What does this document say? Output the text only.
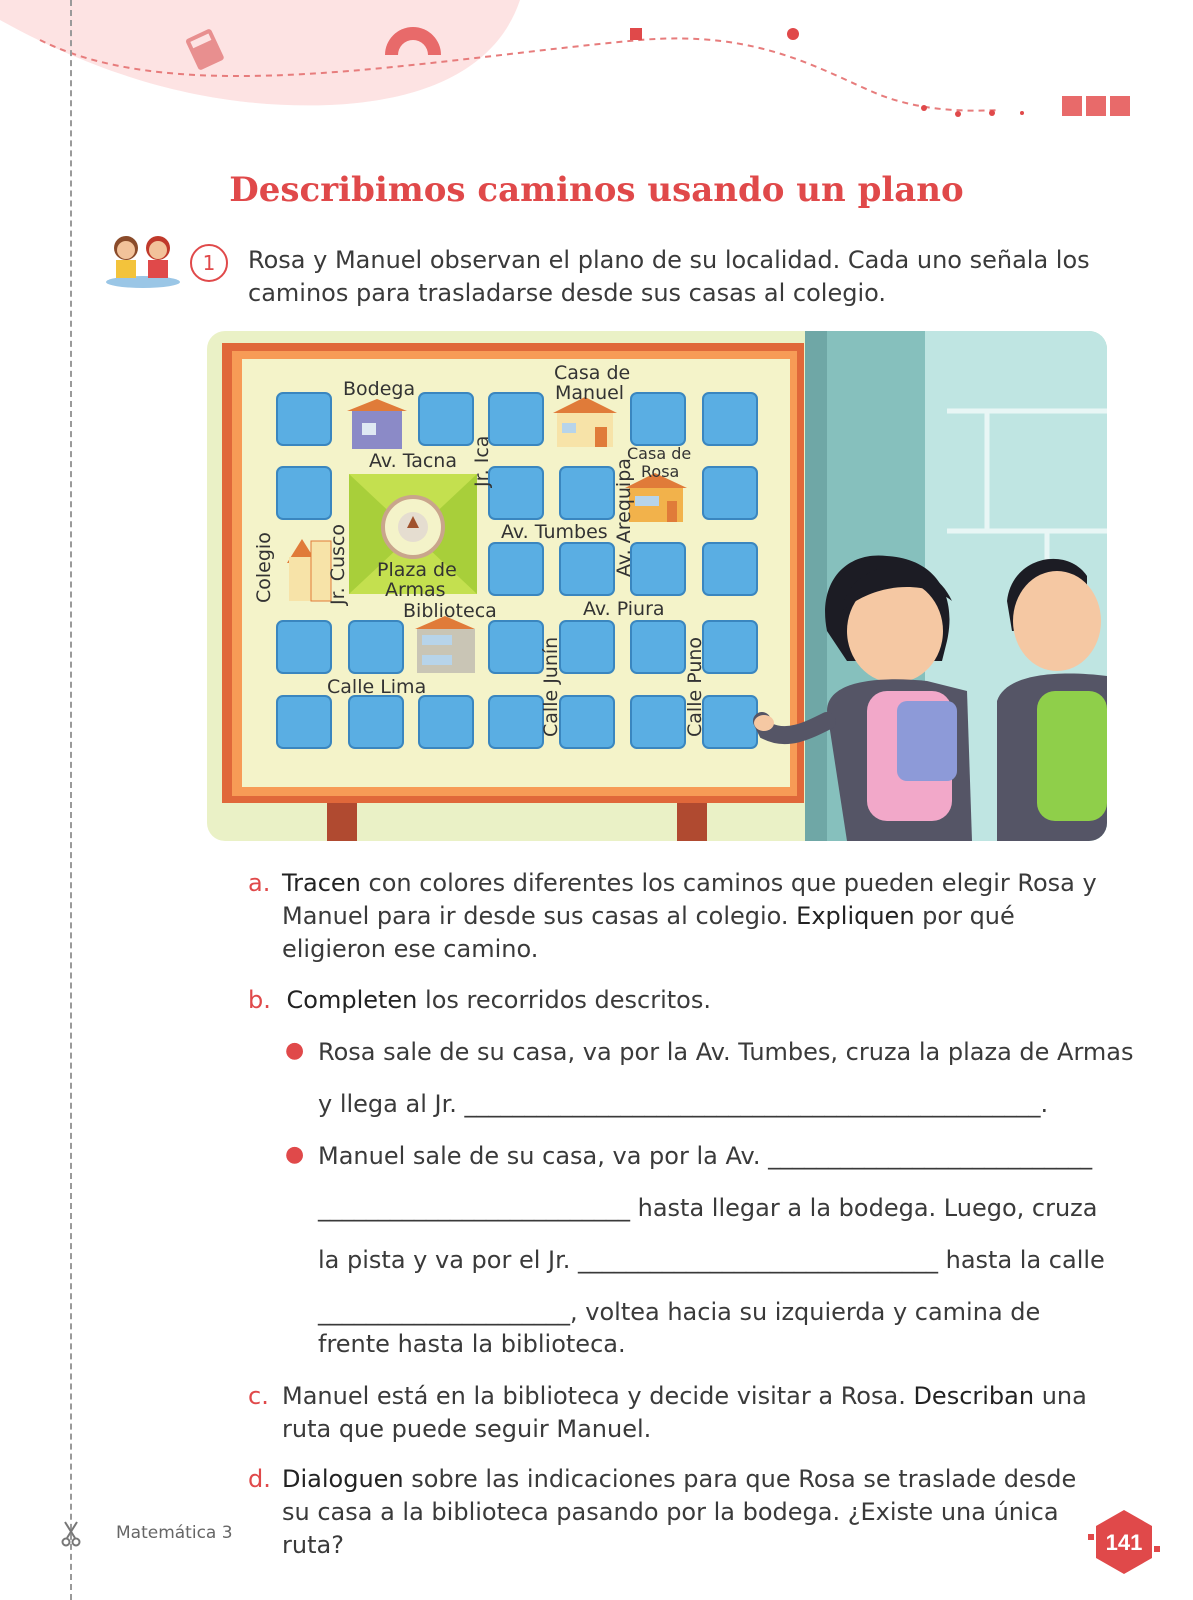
Describimos caminos usando un plano
1	Rosa y Manuel observan el plano de su localidad. Cada uno señala los caminos para trasladarse desde sus casas al colegio.
Bodega
Casa de
Manuel
Av. Tacna Jr. Ica	Casa de
Rosa
Av. Tumbes Av. Arequipa
Colegio	Jr. Cusco Plaza de
Armas
Biblioteca	Av. Piura
Calle Lima	Calle Junín	Calle Puno
a. Tracen con colores diferentes los caminos que pueden elegir Rosa y Manuel para ir desde sus casas al colegio. Expliquen por qué eligieron ese camino.
b. Completen los recorridos descritos.
● Rosa sale de su casa, va por la Av. Tumbes, cruza la plaza de Armas
y llega al Jr. ________________________________________________.
● Manuel sale de su casa, va por la Av. ___________________________
__________________________ hasta llegar a la bodega. Luego, cruza
la pista y va por el Jr. ______________________________ hasta la calle
_____________________, voltea hacia su izquierda y camina de
frente hasta la biblioteca.
c. Manuel está en la biblioteca y decide visitar a Rosa. Describan una ruta que puede seguir Manuel.
d. Dialoguen sobre las indicaciones para que Rosa se traslade desde su casa a la biblioteca pasando por la bodega. ¿Existe una única ruta?
Matemática 3	141
